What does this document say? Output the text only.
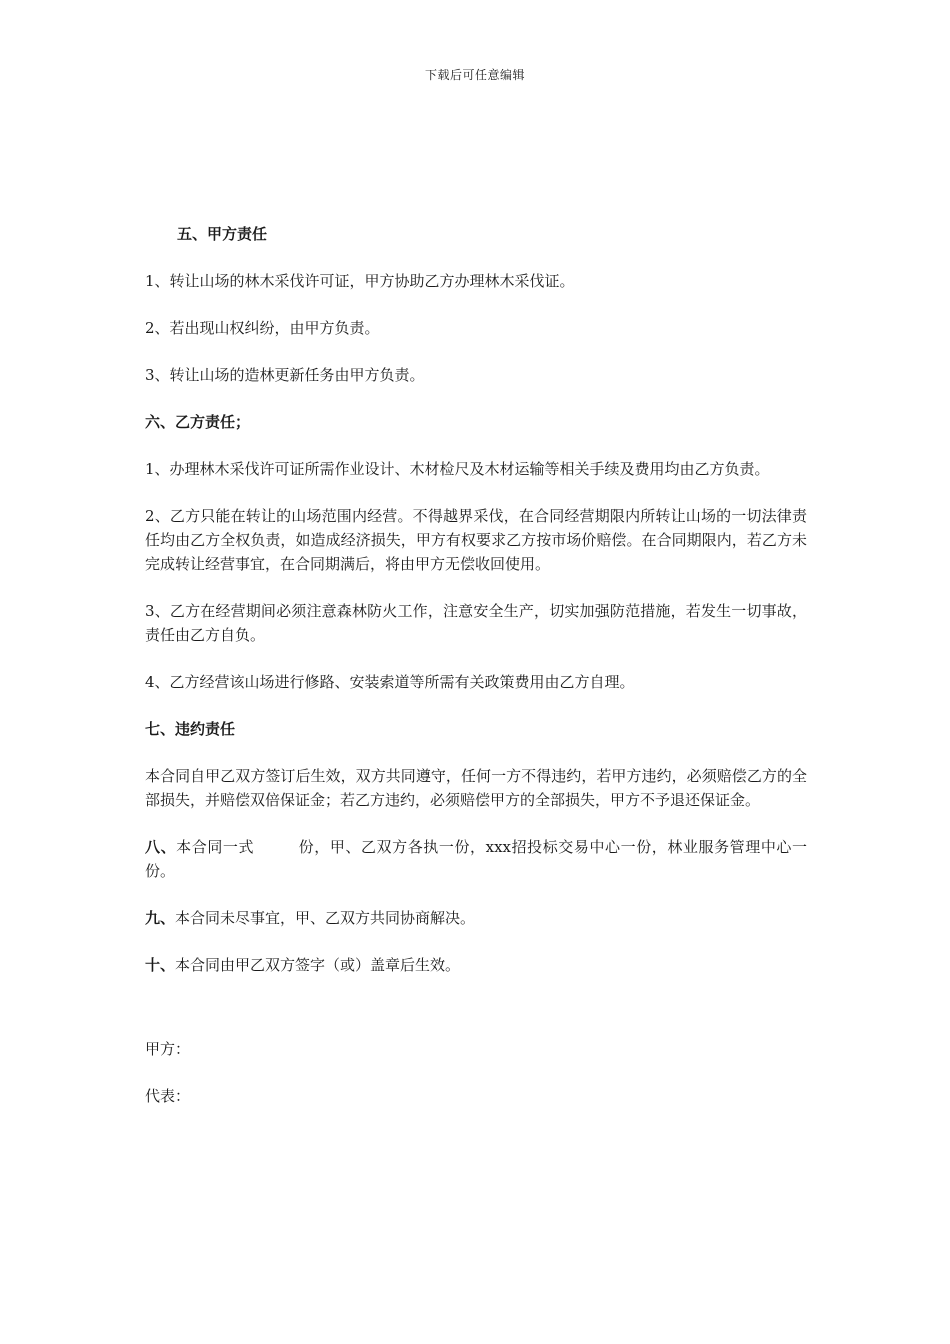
下载后可任意编辑
五、甲方责任
1、转让山场的林木采伐许可证，甲方协助乙方办理林木采伐证。
2、若出现山权纠纷，由甲方负责。
3、转让山场的造林更新任务由甲方负责。
六、乙方责任；
1、办理林木采伐许可证所需作业设计、木材检尺及木材运输等相关手续及费用均由乙方负责。
2、乙方只能在转让的山场范围内经营。不得越界采伐，在合同经营期限内所转让山场的一切法律责任均由乙方全权负责，如造成经济损失，甲方有权要求乙方按市场价赔偿。在合同期限内，若乙方未完成转让经营事宜，在合同期满后，将由甲方无偿收回使用。
3、乙方在经营期间必须注意森林防火工作，注意安全生产，切实加强防范措施，若发生一切事故，责任由乙方自负。
4、乙方经营该山场进行修路、安装索道等所需有关政策费用由乙方自理。
七、违约责任
本合同自甲乙双方签订后生效，双方共同遵守，任何一方不得违约，若甲方违约，必须赔偿乙方的全部损失，并赔偿双倍保证金；若乙方违约，必须赔偿甲方的全部损失，甲方不予退还保证金。
八、本合同一式	份，甲、乙双方各执一份，xxx招投标交易中心一份，林业服务管理中心一份。
九、本合同未尽事宜，甲、乙双方共同协商解决。
十、本合同由甲乙双方签字（或）盖章后生效。
甲方：
代表：
